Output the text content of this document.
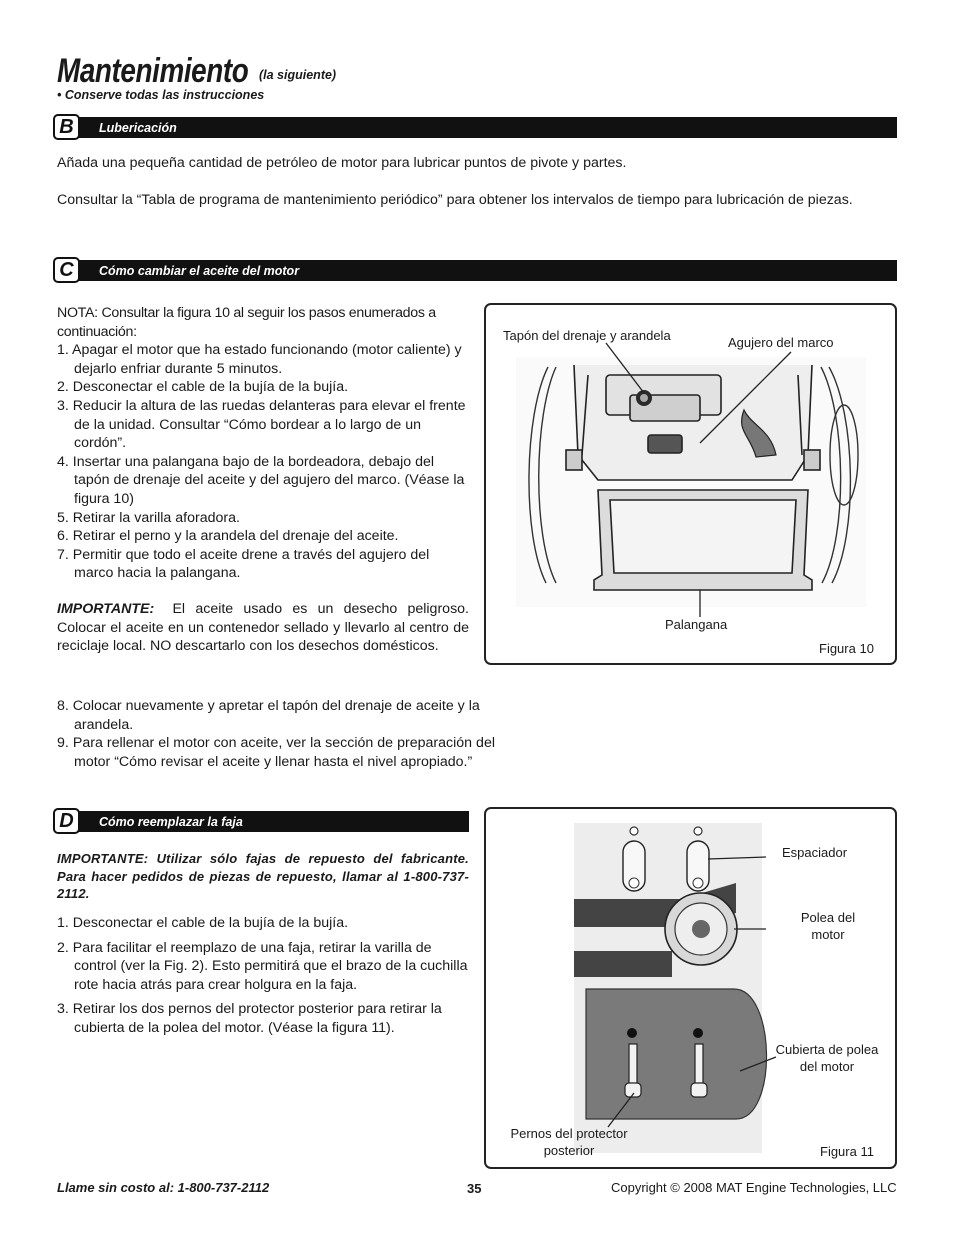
Mantenimiento (la siguiente)
• Conserve todas las instrucciones
B	Lubericación
Añada una pequeña cantidad de petróleo de motor para lubricar puntos de pivote y partes.
Consultar la “Tabla de programa de mantenimiento periódico” para obtener los intervalos de tiempo para lubricación de piezas.
C	Cómo cambiar el aceite del motor
NOTA: Consultar la figura 10 al seguir los pasos enumerados a continuación:
1. Apagar el motor que ha estado funcionando (motor caliente) y dejarlo enfriar durante 5 minutos.
2. Desconectar el cable de la bujía de la bujía.
3. Reducir la altura de las ruedas delanteras para elevar el frente de la unidad. Consultar “Cómo bordear a lo largo de un cordón”.
4. Insertar una palangana bajo de la bordeadora, debajo del tapón de drenaje del aceite y del agujero del marco. (Véase la figura 10)
5. Retirar la varilla aforadora.
6. Retirar el perno y la arandela del drenaje del aceite.
7. Permitir que todo el aceite drene a través del agujero del marco hacia la palangana.
IMPORTANTE: El aceite usado es un desecho peligroso. Colocar el aceite en un contenedor sellado y llevarlo al centro de reciclaje local. NO descartarlo con los desechos domésticos.
8. Colocar nuevamente y apretar el tapón del drenaje de aceite y la arandela.
9. Para rellenar el motor con aceite, ver la sección de preparación del motor “Cómo revisar el aceite y llenar hasta el nivel apropiado.”
Tapón del drenaje y arandela	Agujero del marco
Palangana
Figura 10
D	Cómo reemplazar la faja
IMPORTANTE: Utilizar sólo fajas de repuesto del fabricante. Para hacer pedidos de piezas de repuesto, llamar al 1-800-737-2112.
1. Desconectar el cable de la bujía de la bujía.
2. Para facilitar el reemplazo de una faja, retirar la varilla de control (ver la Fig. 2). Esto permitirá que el brazo de la cuchilla rote hacia atrás para crear holgura en la faja.
3. Retirar los dos pernos del protector posterior para retirar la cubierta de la polea del motor. (Véase la figura 11).
Espaciador
Polea del motor
Cubierta de polea del motor
Pernos del protector posterior	Figura 11
Llame sin costo al: 1-800-737-2112	35	Copyright © 2008 MAT Engine Technologies, LLC
